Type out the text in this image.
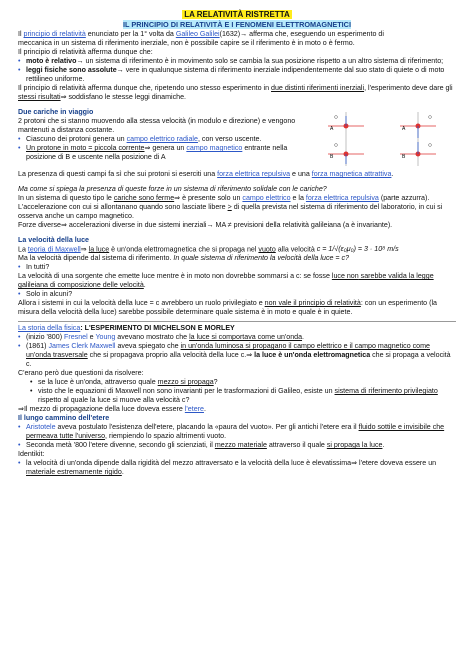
LA RELATIVITÀ RISTRETTA
IL PRINCIPIO DI RELATIVITÀ E I FENOMENI ELETTROMAGNETICI

Il principio di relatività enunciato per la 1° volta da Galileo Galilei(1632)→ afferma che, eseguendo un esperimento di

meccanica in un sistema di riferimento inerziale, non è possibile capire se il riferimento è in moto o è fermo.

Il principio di relatività afferma dunque che:

• moto è relativo→ un sistema di riferimento è in movimento solo se cambia la sua posizione rispetto a un altro sistema di riferimento;

• leggi fisiche sono assolute→ vere in qualunque sistema di riferimento inerziale indipendentemente dal suo stato di quiete o di moto rettilineo uniforme.

Il principio di relatività afferma dunque che, ripetendo uno stesso esperimento in due distinti riferimenti inerziali, l'esperimento deve dare gli stessi risultati⇒ soddisfano le stesse leggi dinamiche.

Due cariche in viaggio

2 protoni che si stanno muovendo alla stessa velocità (in modulo e direzione) e vengono mantenuti a distanza costante.

• Ciascuno dei protoni genera un campo elettrico radiale, con verso uscente.

• Un protone in moto = piccola corrente⇒ genera un campo magnetico entrante nella posizione di B e uscente nella posizione di A

A
B
A
B

La presenza di questi campi fa sì che sui protoni si eserciti una forza elettrica repulsiva e una forza magnetica attrattiva.

Ma come si spiega la presenza di queste forze in un sistema di riferimento solidale con le cariche?

In un sistema di questo tipo le cariche sono ferme⇒ è presente solo un campo elettrico e la forza elettrica repulsiva (parte azzurra). L'accelerazione con cui si allontanano quando sono lasciate libere > di quella prevista nel sistema di riferimento del laboratorio, in cui si osserva anche un campo magnetico.

Forze diverse⇒ accelerazioni diverse in due sistemi inerziali→ MA ≠ previsioni della relatività galileiana (a è invariante).

La velocità della luce

La teoria di Maxwell⇒ la luce è un'onda elettromagnetica che si propaga nel vuoto alla velocità c = 1/√(ε₀μ₀) = 3 · 10⁸ m/s

Ma la velocità dipende dal sistema di riferimento. In quale sistema di riferimento la velocità della luce = c?

• In tutti?

La velocità di una sorgente che emette luce mentre è in moto non dovrebbe sommarsi a c: se fosse luce non sarebbe valida la legge galileiana di composizione delle velocità.

• Solo in alcuni?

Allora i sistemi in cui la velocità della luce = c avrebbero un ruolo privilegiato e non vale il principio di relatività: con un esperimento (la misura della velocità della luce) sarebbe possibile determinare quale sistema è in moto e quale è in quiete.

La storia della fisica: L'ESPERIMENTO DI MICHELSON E MORLEY

• (inizio '800) Fresnel e Young avevano mostrato che la luce si comportava come un'onda.

• (1861) James Clerk Maxwell aveva spiegato che in un'onda luminosa si propagano il campo elettrico e il campo magnetico come un'onda trasversale che si propagava proprio alla velocità della luce c.⇒ la luce è un'onda elettromagnetica che si propaga a velocità c.

C'erano però due questioni da risolvere:

• se la luce è un'onda, attraverso quale mezzo si propaga?

• visto che le equazioni di Maxwell non sono invarianti per le trasformazioni di Galileo, esiste un sistema di riferimento privilegiato rispetto al quale la luce si muove alla velocità c?

⇒Il mezzo di propagazione della luce doveva essere l'etere.

Il lungo cammino dell'etere

• Aristotele aveva postulato l'esistenza dell'etere, placando la «paura del vuoto». Per gli antichi l'etere era il fluido sottile e invisibile che permeava tutte l'universo, riempiendo lo spazio altrimenti vuoto.

• Seconda metà '800 l'etere divenne, secondo gli scienziati, il mezzo materiale attraverso il quale si propaga la luce.

Identikit:

• la velocità di un'onda dipende dalla rigidità del mezzo attraversato e la velocità della luce è elevatissima⇒ l'etere doveva essere un materiale estremamente rigido.
